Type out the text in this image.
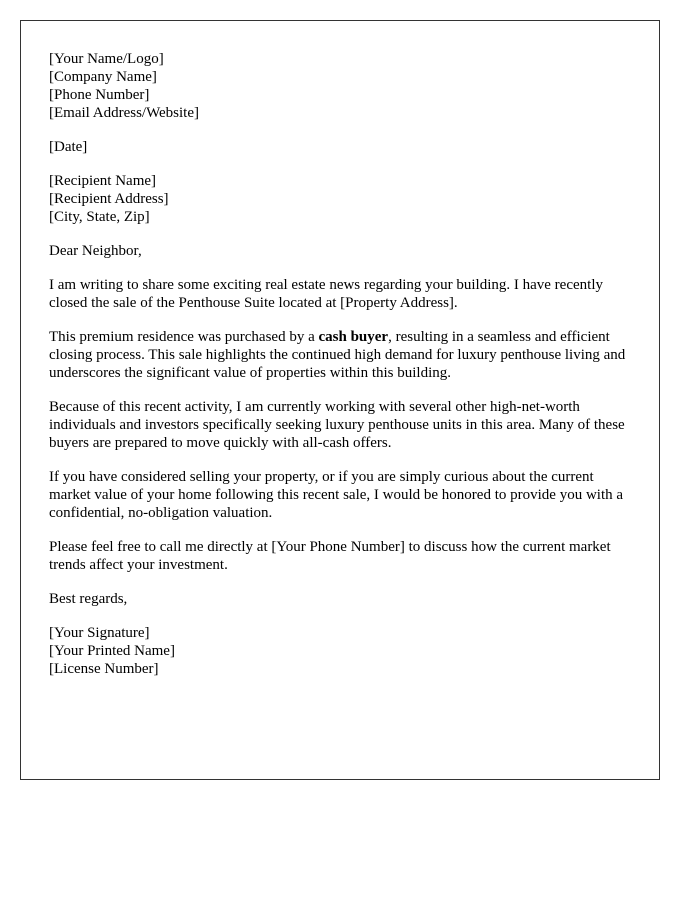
[Your Name/Logo]
[Company Name]
[Phone Number]
[Email Address/Website]
[Date]
[Recipient Name]
[Recipient Address]
[City, State, Zip]

Dear Neighbor,

I am writing to share some exciting real estate news regarding your building. I have recently closed the sale of the Penthouse Suite located at [Property Address].

This premium residence was purchased by a cash buyer, resulting in a seamless and efficient closing process. This sale highlights the continued high demand for luxury penthouse living and underscores the significant value of properties within this building.

Because of this recent activity, I am currently working with several other high-net-worth individuals and investors specifically seeking luxury penthouse units in this area. Many of these buyers are prepared to move quickly with all-cash offers.

If you have considered selling your property, or if you are simply curious about the current market value of your home following this recent sale, I would be honored to provide you with a confidential, no-obligation valuation.

Please feel free to call me directly at [Your Phone Number] to discuss how the current market trends affect your investment.

Best regards,

[Your Signature]
[Your Printed Name]
[License Number]
